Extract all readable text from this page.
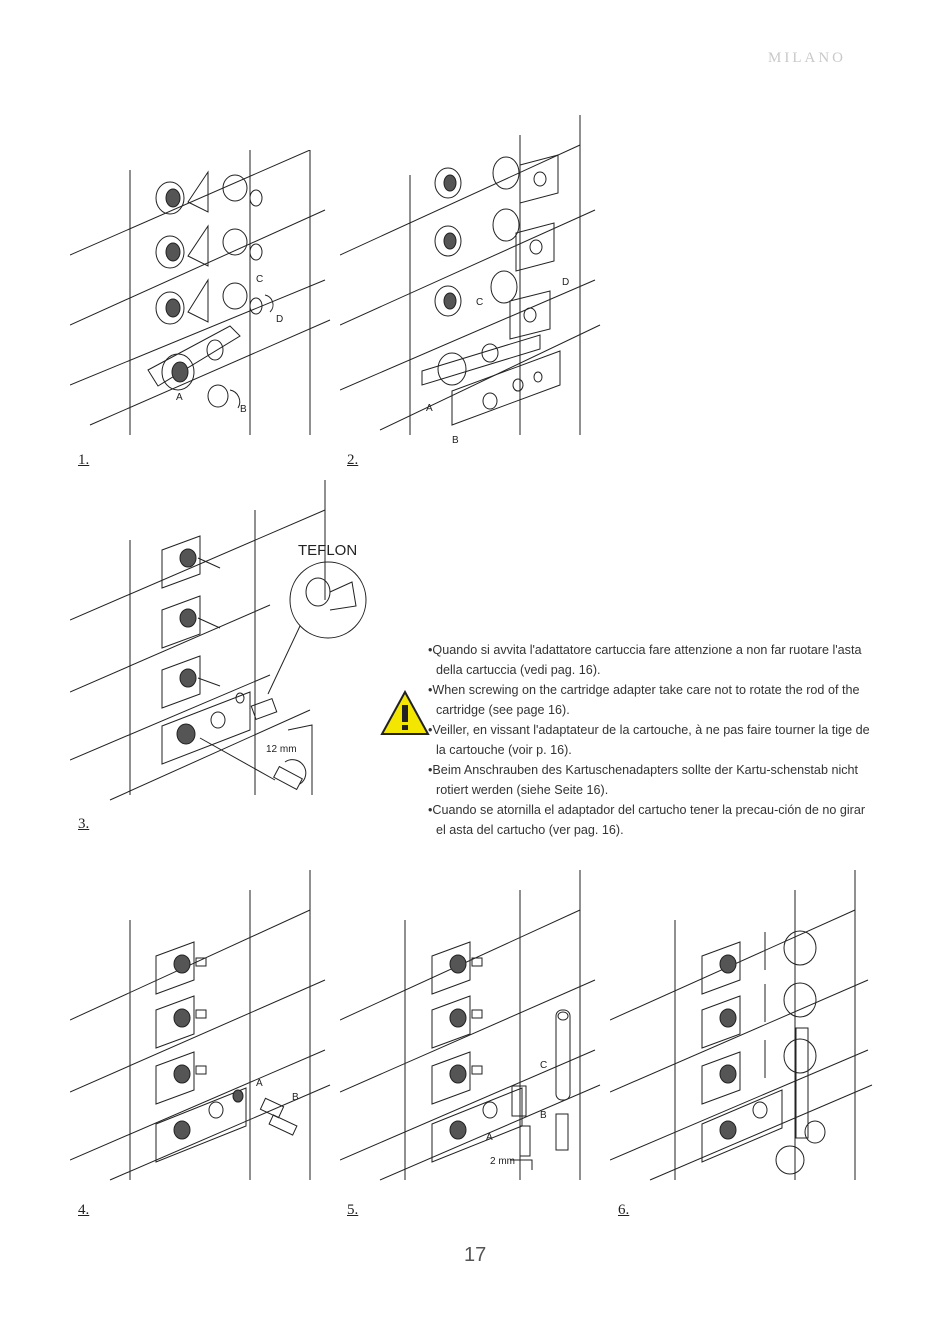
MILANO
C
D
A
B
1.
C
D
A
B
2.
TEFLON
12 mm
3.
•Quando si avvita l'adattatore cartuccia fare attenzione a non far ruotare l'asta della cartuccia (vedi pag. 16).
•When screwing on the cartridge adapter take care not to rotate the rod of the cartridge (see page 16).
•Veiller, en vissant l'adaptateur de la cartouche, à ne pas faire tourner la tige de la cartouche (voir p. 16).
•Beim Anschrauben des Kartuschenadapters sollte der Kartu-schenstab nicht rotiert werden (siehe Seite 16).
•Cuando se atornilla el adaptador del cartucho tener la precau-ción de no girar el asta del cartucho (ver pag. 16).
A
B
4.
C
B
A
2 mm
5.	6.
17
